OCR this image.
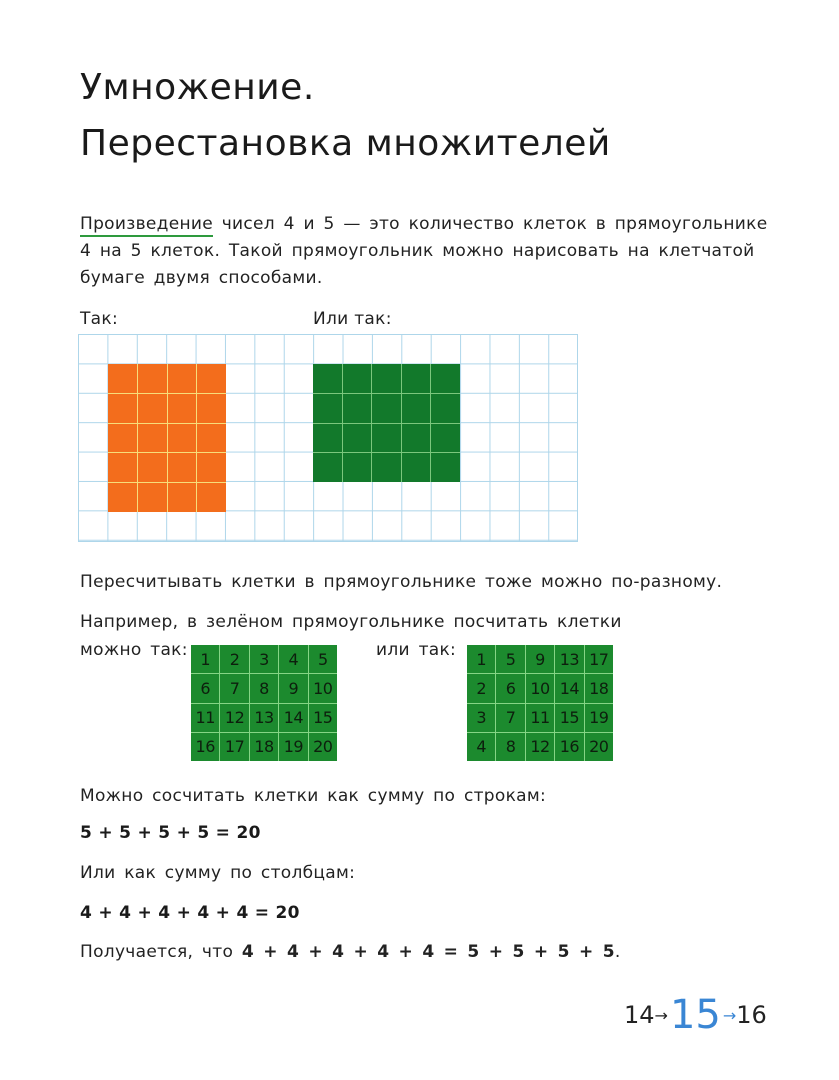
Умножение.
Перестановка множителей
Произведение чисел 4 и 5 — это количество клеток в прямоугольнике 4 на 5 клеток. Такой прямоугольник можно нарисовать на клетчатой бумаге двумя способами.
Так:	Или так:
Пересчитывать клетки в прямоугольнике тоже можно по-разному.
Например, в зелёном прямоугольнике посчитать клетки
можно так:	или так:
1	2	3	4	5
6	7	8	9 10
11 12 13 14 15
16 17 18 19 20
1	5	9 13 17
2	6 10 14 18
3	7 11 15 19
4	8 12 16 20
Можно сосчитать клетки как сумму по строкам:
5 + 5 + 5 + 5 = 20
Или как сумму по столбцам:
4 + 4 + 4 + 4 + 4 = 20
Получается, что 4 + 4 + 4 + 4 + 4 = 5 + 5 + 5 + 5.
14 → 15 → 16
